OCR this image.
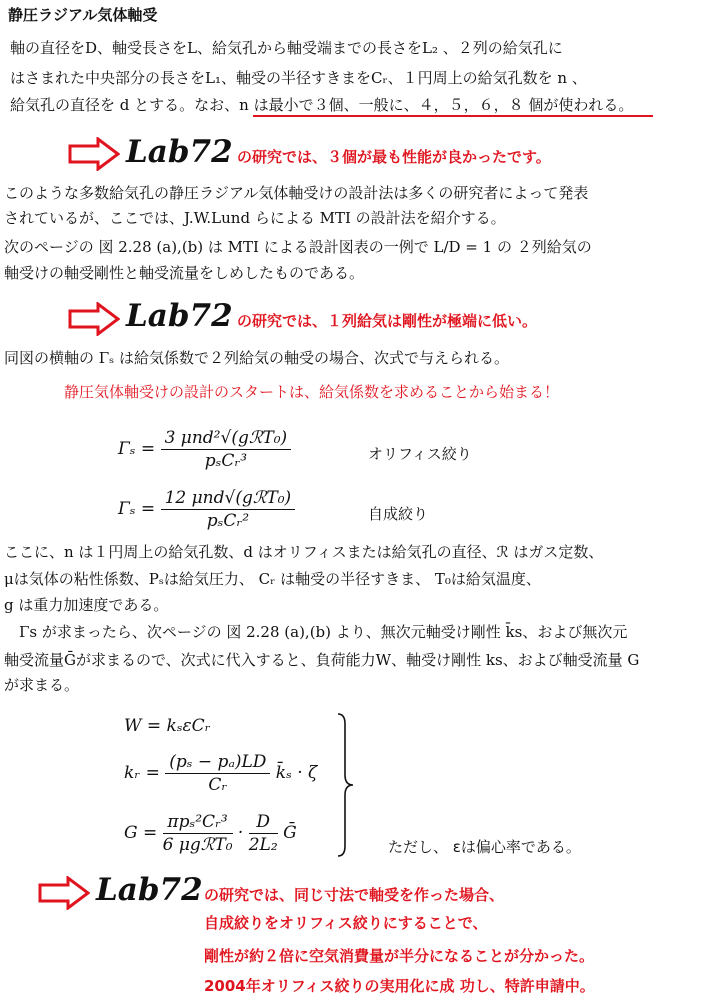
静圧ラジアル気体軸受
軸の直径をD、軸受長さをL、給気孔から軸受端までの長さをL₂ 、２列の給気孔に
はさまれた中央部分の長さをL₁、軸受の半径すきまをCᵣ、１円周上の給気孔数を n 、
給気孔の直径を d とする。なお、n は最小で３個、一般に、４，５，６，８ 個が使われる。
Lab72 の研究では、３個が最も性能が良かったです。
このような多数給気孔の静圧ラジアル気体軸受けの設計法は多くの研究者によって発表
されているが、ここでは、J.W.Lund らによる MTI の設計法を紹介する。
次のページの 図 2.28 (a),(b) は MTI による設計図表の一例で L/D = 1 の ２列給気の
軸受けの軸受剛性と軸受流量をしめしたものである。
Lab72 の研究では、１列給気は剛性が極端に低い。
同図の横軸の Γₛ は給気係数で２列給気の軸受の場合、次式で与えられる。
静圧気体軸受けの設計のスタートは、給気係数を求めることから始まる！
$\Gamma_s = \frac{\text{3 μnd²√(gℛT₀)}}{\text{pₛCᵣ³}}$	オリフィス絞り
$\Gamma_s = \frac{\text{12 μnd√(gℛT₀)}}{\text{pₛCᵣ²}}$	自成絞り
ここに、n は１円周上の給気孔数、d はオリフィスまたは給気孔の直径、ℛ はガス定数、
μは気体の粘性係数、Pₛは給気圧力、 Cᵣ は軸受の半径すきま、 T₀は給気温度、
g は重力加速度である。
　Γs が求まったら、次ページの 図 2.28 (a),(b) より、無次元軸受け剛性 k̄s、および無次元
軸受流量Ḡが求まるので、次式に代入すると、負荷能力W、軸受け剛性 ks、および軸受流量 G
が求まる。
W = kₛεCᵣ
kᵣ = $\frac{\text{(pₛ − pₐ)LD}}{\text{Cᵣ}}$ k̄ₛ · ζ
$G = \frac{\text{πpₛ²Cᵣ³}}{\text{6 μgℛT₀}} \cdot \frac{D}{\text{2L₂}}$ Ḡ
ただし、 εは偏心率である。
Lab72 の研究では、同じ寸法で軸受を作った場合、
自成絞りをオリフィス絞りにすることで、
剛性が約２倍に空気消費量が半分になることが分かった。
2004年オリフィス絞りの実用化に成 功し、特許申請中。
